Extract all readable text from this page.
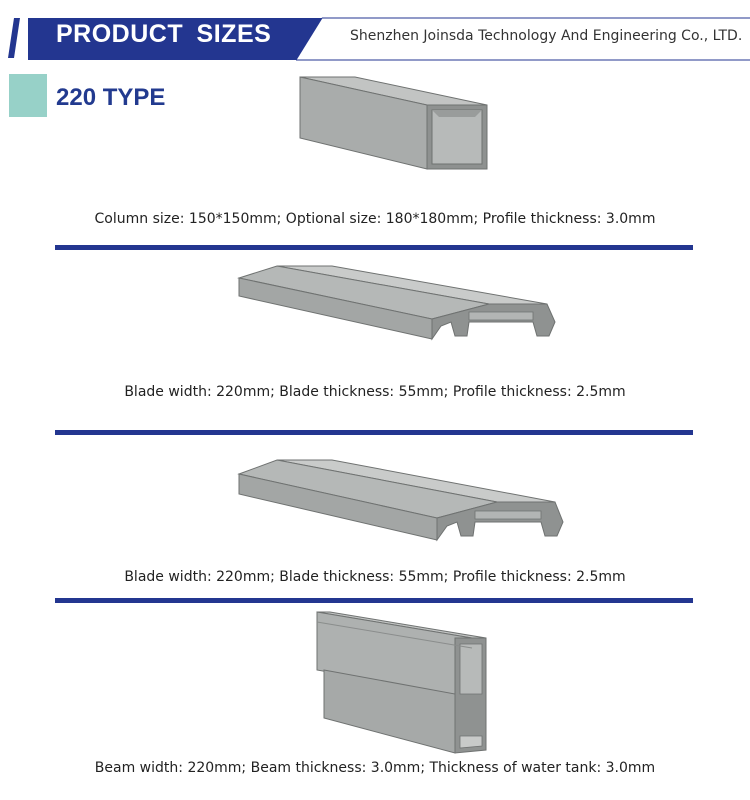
PRODUCT SIZES	Shenzhen Joinsda Technology And Engineering Co., LTD.
220 TYPE
Column size: 150*150mm; Optional size: 180*180mm; Profile thickness: 3.0mm
Blade width: 220mm; Blade thickness: 55mm; Profile thickness: 2.5mm
Blade width: 220mm; Blade thickness: 55mm; Profile thickness: 2.5mm
Beam width: 220mm; Beam thickness: 3.0mm; Thickness of water tank: 3.0mm
